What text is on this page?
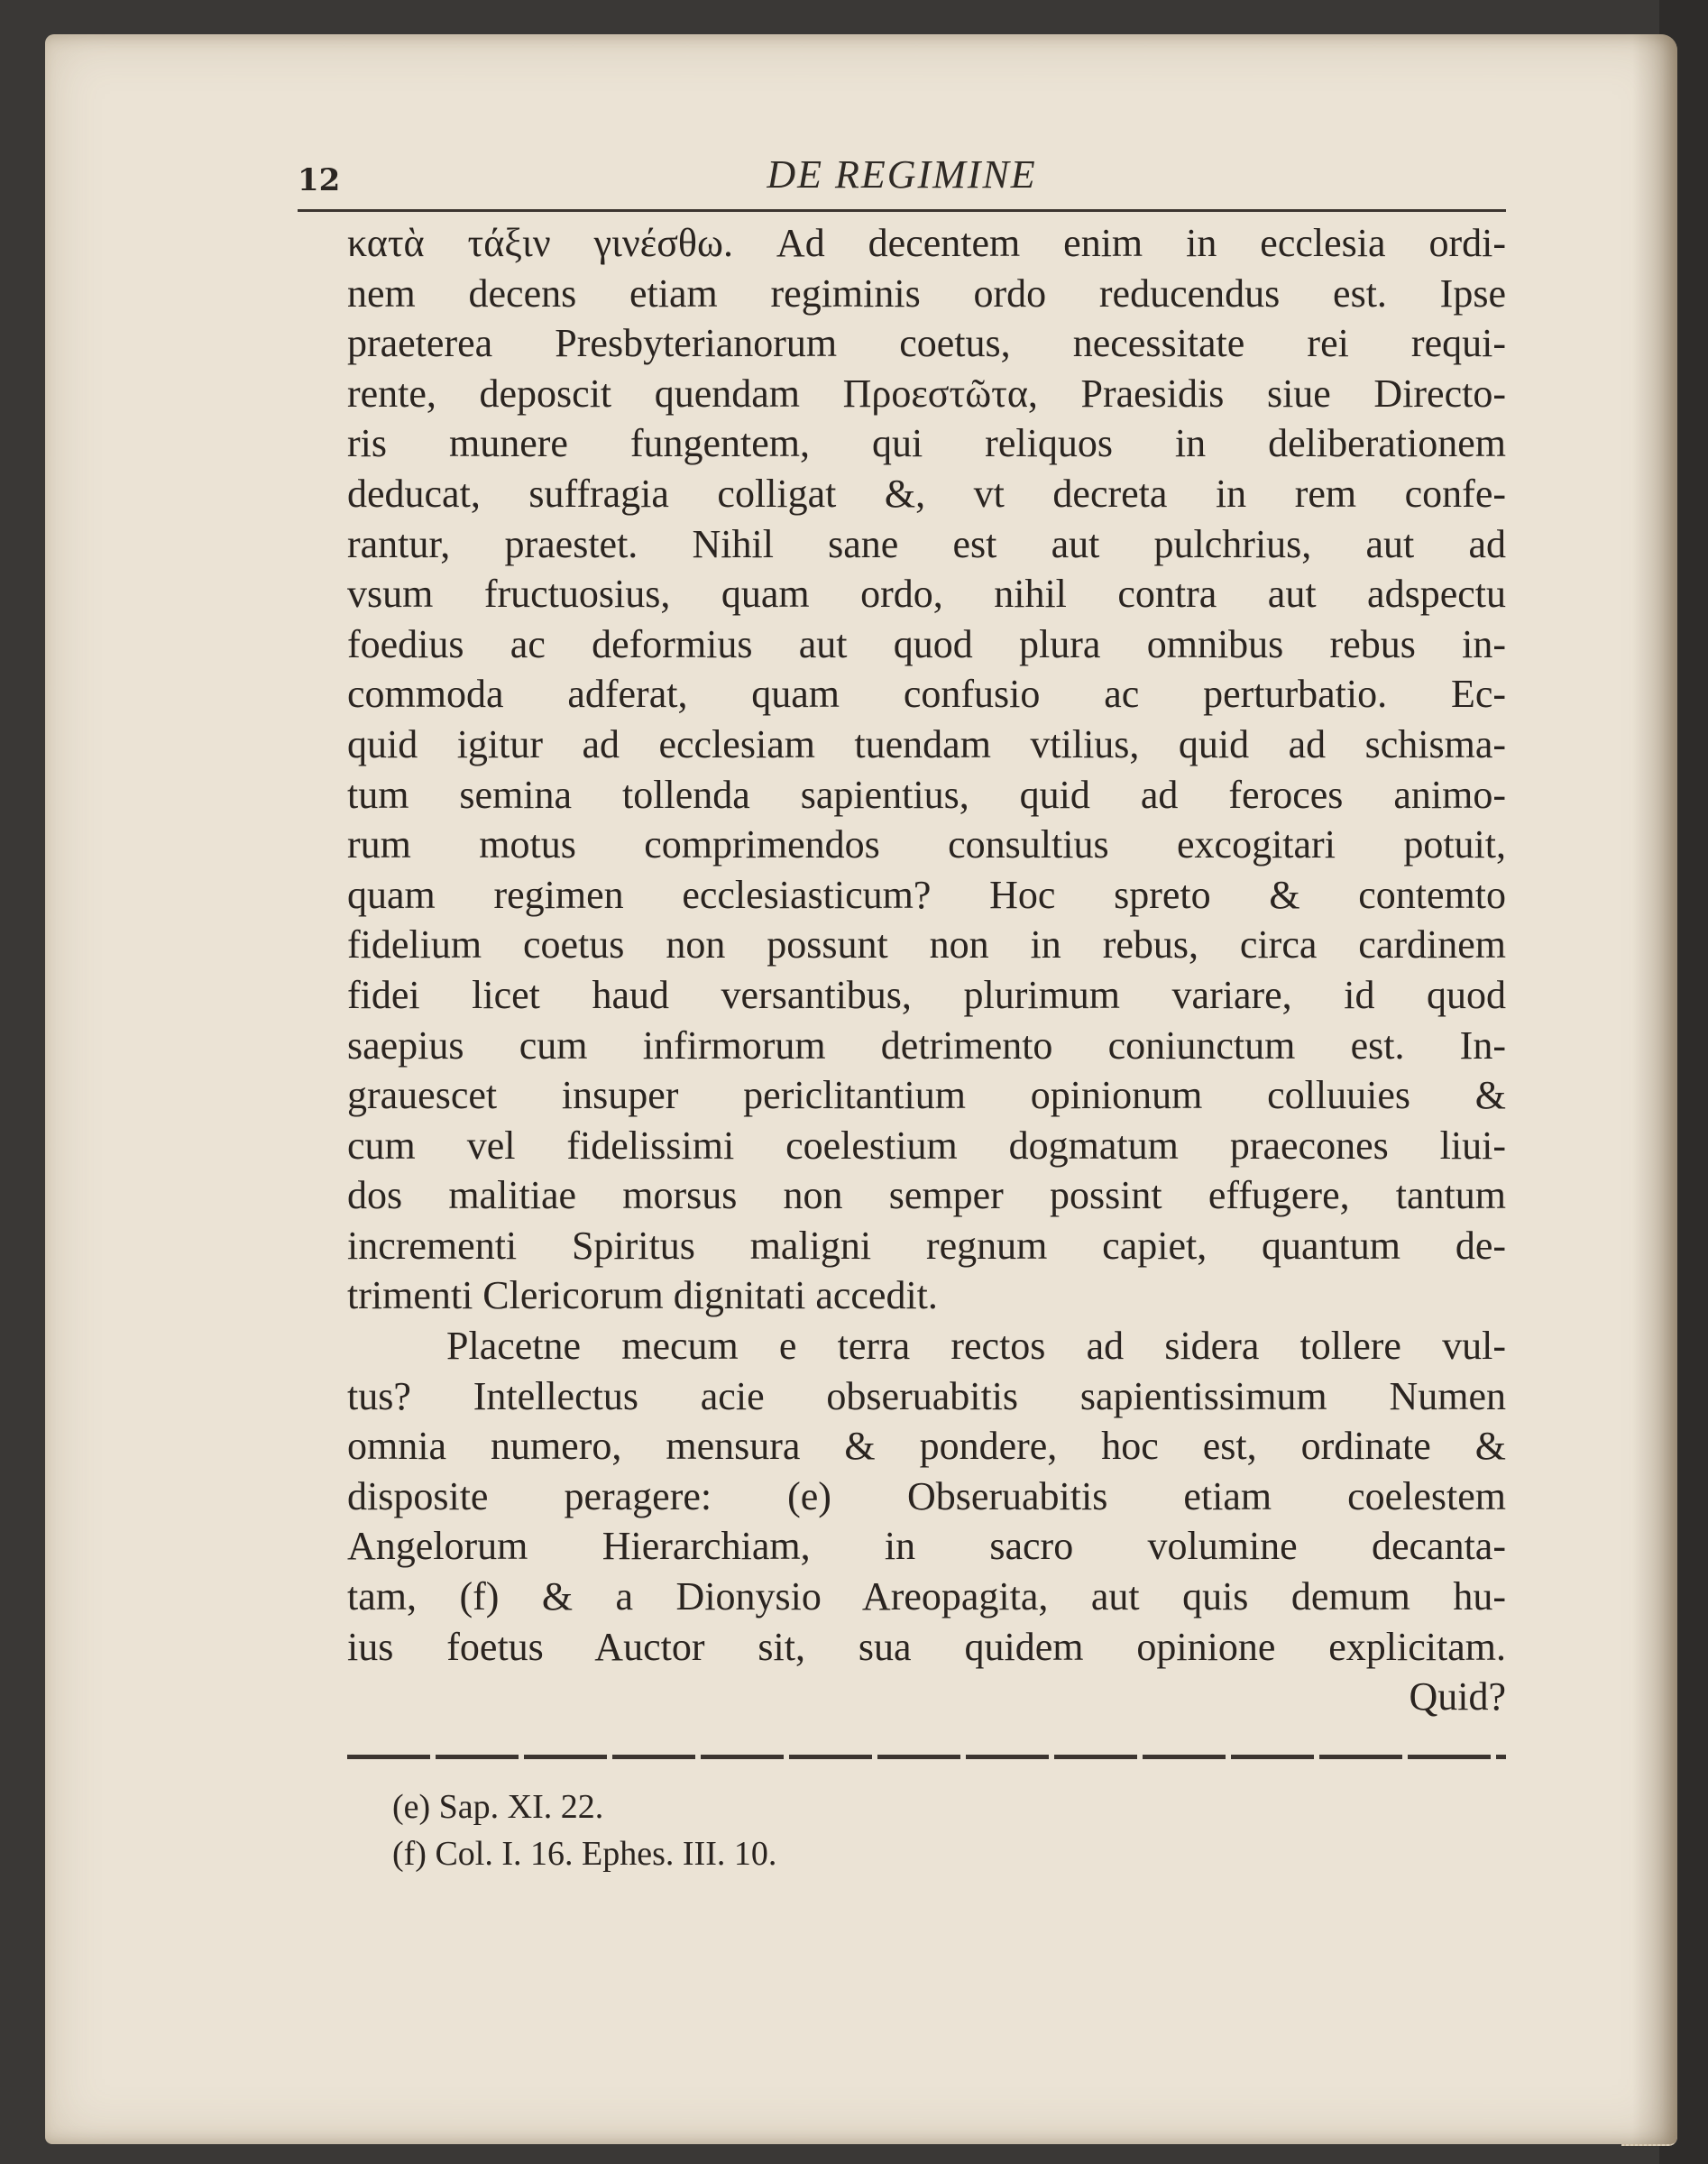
12	DE REGIMINE
κατὰ τάξιν γινέσθω. Ad decentem enim in ecclesia ordi-
nem decens etiam regiminis ordo reducendus est. Ipse
praeterea Presbyterianorum coetus, necessitate rei requi-
rente, deposcit quendam Προεστῶτα, Praesidis siue Directo-
ris munere fungentem, qui reliquos in deliberationem
deducat, suffragia colligat &, vt decreta in rem confe-
rantur, praestet. Nihil sane est aut pulchrius, aut ad
vsum fructuosius, quam ordo, nihil contra aut adspectu
foedius ac deformius aut quod plura omnibus rebus in-
commoda adferat, quam confusio ac perturbatio. Ec-
quid igitur ad ecclesiam tuendam vtilius, quid ad schisma-
tum semina tollenda sapientius, quid ad feroces animo-
rum motus comprimendos consultius excogitari potuit,
quam regimen ecclesiasticum? Hoc spreto & contemto
fidelium coetus non possunt non in rebus, circa cardinem
fidei licet haud versantibus, plurimum variare, id quod
saepius cum infirmorum detrimento coniunctum est. In-
grauescet insuper periclitantium opinionum colluuies &
cum vel fidelissimi coelestium dogmatum praecones liui-
dos malitiae morsus non semper possint effugere, tantum
incrementi Spiritus maligni regnum capiet, quantum de-
trimenti Clericorum dignitati accedit.
Placetne mecum e terra rectos ad sidera tollere vul-
tus? Intellectus acie obseruabitis sapientissimum Numen
omnia numero, mensura & pondere, hoc est, ordinate &
disposite peragere: (e) Obseruabitis etiam coelestem
Angelorum Hierarchiam, in sacro volumine decanta-
tam, (f) & a Dionysio Areopagita, aut quis demum hu-
ius foetus Auctor sit, sua quidem opinione explicitam.
Quid?
(e) Sap. XI. 22.
(f) Col. I. 16. Ephes. III. 10.
